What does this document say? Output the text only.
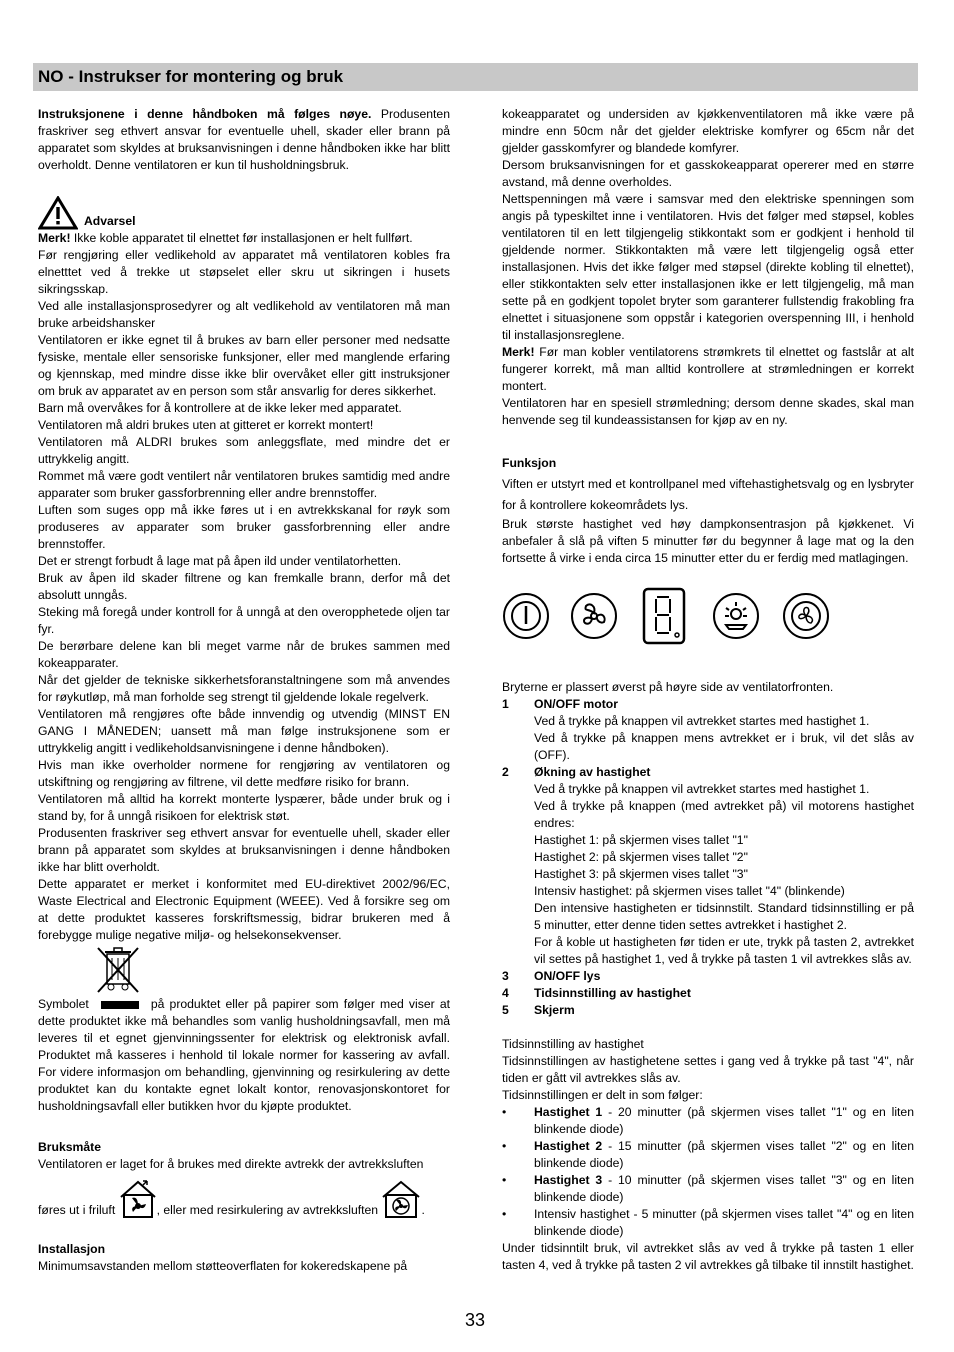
NO - Instrukser for montering og bruk

Instruksjonene i denne håndboken må følges nøye. Produsenten fraskriver seg ethvert ansvar for eventuelle uhell, skader eller brann på apparatet som skyldes at bruksanvisningen i denne håndboken ikke har blitt overholdt. Denne ventilatoren er kun til husholdningsbruk.

Advarsel

Merk! Ikke koble apparatet til elnettet før installasjonen er helt fullført.

Før rengjøring eller vedlikehold av apparatet må ventilatoren kobles fra elnetttet ved å trekke ut støpselet eller skru ut sikringen i husets sikringsskap.

Ved alle installasjonsprosedyrer og alt vedlikehold av ventilatoren må man bruke arbeidshansker

Ventilatoren er ikke egnet til å brukes av barn eller personer med nedsatte fysiske, mentale eller sensoriske funksjoner, eller med manglende erfaring og kjennskap, med mindre disse ikke blir overvåket eller gitt instruksjoner om bruk av apparatet av en person som står ansvarlig for deres sikkerhet.

Barn må overvåkes for å kontrollere at de ikke leker med apparatet.

Ventilatoren må aldri brukes uten at gitteret er korrekt montert!

Ventilatoren må ALDRI brukes som anleggsflate, med mindre det er uttrykkelig angitt.

Rommet må være godt ventilert når ventilatoren brukes samtidig med andre apparater som bruker gassforbrenning eller andre brennstoffer.

Luften som suges opp må ikke føres ut i en avtrekkskanal for røyk som produseres av apparater som bruker gassforbrenning eller andre brennstoffer.

Det er strengt forbudt å lage mat på åpen ild under ventilatorhetten.

Bruk av åpen ild skader filtrene og kan fremkalle brann, derfor må det absolutt unngås.

Steking må foregå under kontroll for å unngå at den overopphetede oljen tar fyr.

De berørbare delene kan bli meget varme når de brukes sammen med kokeapparater.

Når det gjelder de tekniske sikkerhetsforanstaltningene som må anvendes for røykutløp, må man forholde seg strengt til gjeldende lokale regelverk.

Ventilatoren må rengjøres ofte både innvendig og utvendig (MINST EN GANG I MÅNEDEN; uansett må man følge instruksjonene som er uttrykkelig angitt i vedlikeholdsanvisningene i denne håndboken).

Hvis man ikke overholder normene for rengjøring av ventilatoren og utskiftning og rengjøring av filtrene, vil dette medføre risiko for brann.

Ventilatoren må alltid ha korrekt monterte lyspærer, både under bruk og i stand by, for å unngå risikoen for elektrisk støt.

Produsenten fraskriver seg ethvert ansvar for eventuelle uhell, skader eller brann på apparatet som skyldes at bruksanvisningen i denne håndboken ikke har blitt overholdt.

Dette apparatet er merket i konformitet med EU-direktivet 2002/96/EC, Waste Electrical and Electronic Equipment (WEEE). Ved å forsikre seg om at dette produktet kasseres forskriftsmessig, bidrar brukeren med å forebygge mulige negative miljø- og helsekonsekvenser.

Symbolet	på produktet eller på papirer som følger med viser at dette produktet ikke må behandles som vanlig husholdningsavfall, men må leveres til et egnet gjenvinningssenter for elektrisk og elektronisk avfall. Produktet må kasseres i henhold til lokale normer for kassering av avfall. For videre informasjon om behandling, gjenvinning og resirkulering av dette produktet kan du kontakte egnet lokalt kontor, renovasjonskontoret for husholdningsavfall eller butikken hvor du kjøpte produktet.

Bruksmåte

Ventilatoren er laget for å brukes med direkte avtrekk der avtrekksluften

føres ut i friluft	, eller med resirkulering av avtrekksluften	.

Installasjon

Minimumsavstanden mellom støtteoverflaten for kokeredskapene på

kokeapparatet og undersiden av kjøkkenventilatoren må ikke være på mindre enn 50cm når det gjelder elektriske komfyrer og 65cm når det gjelder gasskomfyrer og blandede komfyrer.

Dersom bruksanvisningen for et gasskokeapparat opererer med en større avstand, må denne overholdes.

Nettspenningen må være i samsvar med den elektriske spenningen som angis på typeskiltet inne i ventilatoren. Hvis det følger med støpsel, kobles ventilatoren til en lett tilgjengelig stikkontakt som er godkjent i henhold til gjeldende normer. Stikkontakten må være lett tilgjengelig også etter installasjonen. Hvis det ikke følger med støpsel (direkte kobling til elnettet), eller stikkontakten selv etter installasjonen ikke er lett tilgjengelig, må man sette på en godkjent topolet bryter som garanterer fullstendig frakobling fra elnettet i situasjonene som oppstår i kategorien overspenning III, i henhold til installasjonsreglene.

Merk! Før man kobler ventilatorens strømkrets til elnettet og fastslår at alt fungerer korrekt, må man alltid kontrollere at strømledningen er korrekt montert.

Ventilatoren har en spesiell strømledning; dersom denne skades, skal man henvende seg til kundeassistansen for kjøp av en ny.

Funksjon

Viften er utstyrt med et kontrollpanel med viftehastighetsvalg og en lysbryter for å kontrollere kokeområdets lys.

Bruk største hastighet ved høy dampkonsentrasjon på kjøkkenet. Vi anbefaler å slå på viften 5 minutter før du begynner å lage mat og la den fortsette å virke i enda circa 15 minutter etter du er ferdig med matlagingen.

Bryterne er plassert øverst på høyre side av ventilatorfronten.

1	ON/OFF motor

Ved å trykke på knappen vil avtrekket startes med hastighet 1.

Ved å trykke på knappen mens avtrekket er i bruk, vil det slås av (OFF).

2	Økning av hastighet

Ved å trykke på knappen vil avtrekket startes med hastighet 1.

Ved å trykke på knappen (med avtrekket på) vil motorens hastighet endres:

Hastighet 1: på skjermen vises tallet "1"

Hastighet 2: på skjermen vises tallet "2"

Hastighet 3: på skjermen vises tallet "3"

Intensiv hastighet: på skjermen vises tallet "4" (blinkende)

Den intensive hastigheten er tidsinnstilt. Standard tidsinnstilling er på 5 minutter, etter denne tiden settes avtrekket i hastighet 2.

For å koble ut hastigheten før tiden er ute, trykk på tasten 2, avtrekket vil settes på hastighet 1, ved å trykke på tasten 1 vil avtrekkes slås av.

3	ON/OFF lys
4	Tidsinnstilling av hastighet
5	Skjerm

Tidsinnstilling av hastighet

Tidsinnstillingen av hastighetene settes i gang ved å trykke på tast "4", når tiden er gått vil avtrekkes slås av.

Tidsinnstillingen er delt in som følger:

•	Hastighet 1 - 20 minutter (på skjermen vises tallet "1" og en liten blinkende diode)
•	Hastighet 2 - 15 minutter (på skjermen vises tallet "2" og en liten blinkende diode)
•	Hastighet 3 - 10 minutter (på skjermen vises tallet "3" og en liten blinkende diode)
•	Intensiv hastighet - 5 minutter (på skjermen vises tallet "4" og en liten blinkende diode)

Under tidsinntilt bruk, vil avtrekket slås av ved å trykke på tasten 1 eller tasten 4, ved å trykke på tasten 2 vil avtrekkes gå tilbake til innstilt hastighet.

33
